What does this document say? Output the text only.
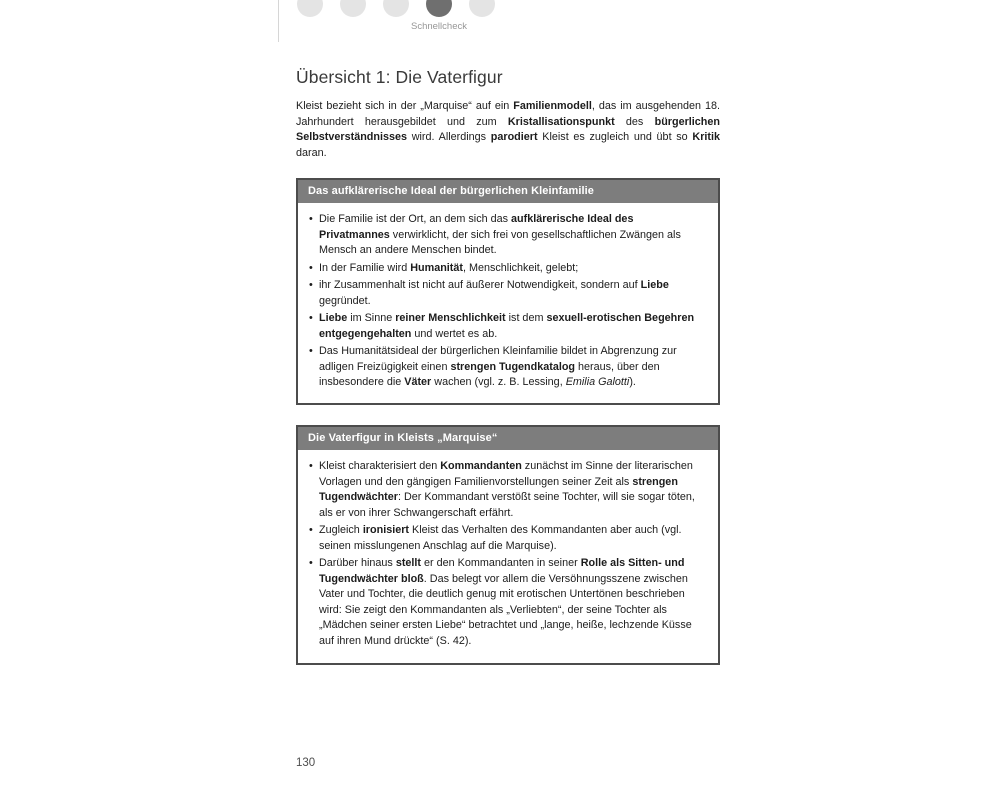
Schnellcheck
Übersicht 1: Die Vaterfigur

Kleist bezieht sich in der „Marquise“ auf ein Familienmodell, das im ausgehenden 18. Jahrhundert herausgebildet und zum Kristallisationspunkt des bürgerlichen Selbstverständnisses wird. Allerdings parodiert Kleist es zugleich und übt so Kritik daran.

Das aufklärerische Ideal der bürgerlichen Kleinfamilie
• Die Familie ist der Ort, an dem sich das aufklärerische Ideal des Privatmannes verwirklicht, der sich frei von gesellschaftlichen Zwängen als Mensch an andere Menschen bindet.
• In der Familie wird Humanität, Menschlichkeit, gelebt;
• ihr Zusammenhalt ist nicht auf äußerer Notwendigkeit, sondern auf Liebe gegründet.
• Liebe im Sinne reiner Menschlichkeit ist dem sexuell-erotischen Begehren entgegengehalten und wertet es ab.
• Das Humanitätsideal der bürgerlichen Kleinfamilie bildet in Abgrenzung zur adligen Freizügigkeit einen strengen Tugendkatalog heraus, über den insbesondere die Väter wachen (vgl. z. B. Lessing, Emilia Galotti).
Die Vaterfigur in Kleists „Marquise“
• Kleist charakterisiert den Kommandanten zunächst im Sinne der literarischen Vorlagen und den gängigen Familienvorstellungen seiner Zeit als strengen Tugendwächter: Der Kommandant verstößt seine Tochter, will sie sogar töten, als er von ihrer Schwangerschaft erfährt.
• Zugleich ironisiert Kleist das Verhalten des Kommandanten aber auch (vgl. seinen misslungenen Anschlag auf die Marquise).
• Darüber hinaus stellt er den Kommandanten in seiner Rolle als Sitten- und Tugendwächter bloß. Das belegt vor allem die Versöhnungsszene zwischen Vater und Tochter, die deutlich genug mit erotischen Untertönen beschrieben wird: Sie zeigt den Kommandanten als „Verliebten“, der seine Tochter als „Mädchen seiner ersten Liebe“ betrachtet und „lange, heiße, lechzende Küsse auf ihren Mund drückte“ (S. 42).
130
